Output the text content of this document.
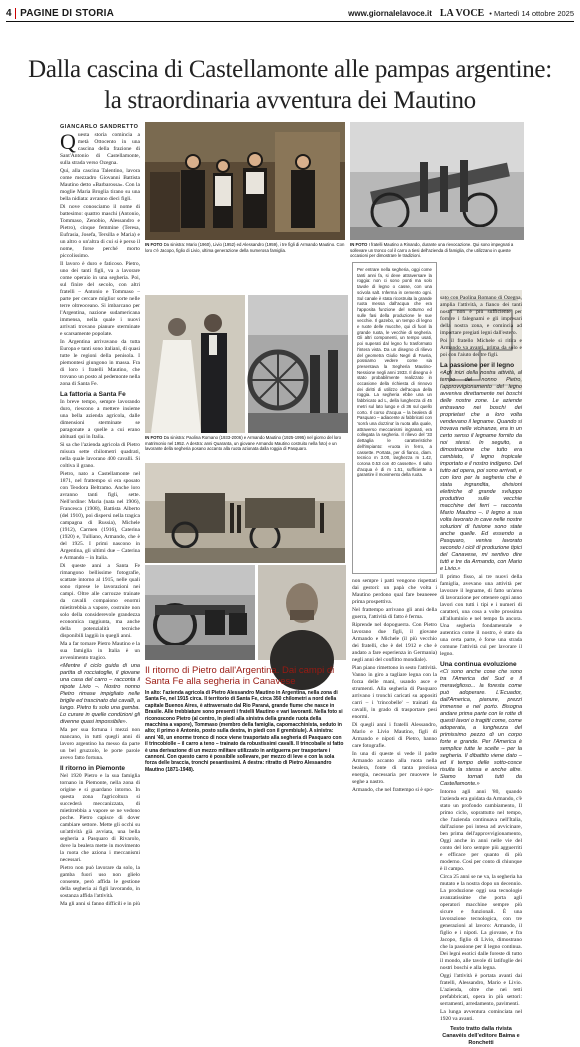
4 PAGINE DI STORIA	www.giornalelavoce.it LA VOCE • Martedì 14 ottobre 2025
Dalla cascina di Castellamonte alle pampas argentine:
la straordinaria avventura dei Mautino
GIANCARLO SANDRETTO
Q uesta storia comincia a metà Ottocento in una cascina della frazione di Sant'Antonio di Castellamonte, sulla strada verso Ozegna.

Qui, alla cascina Talentino, lavora come mezzadro Giovanni Battista Mautino detto «Barbarossa». Con la moglie Maria Broglia tirano su una bella nidiata: avranno dieci figli.

Di nove conosciamo il nome di battesimo: quattro maschi (Antonio, Tommaso, Zenobio, Alessandro e Pietro), cinque femmine (Teresa, Eufrasia, Josefa, Tersilla e Maria) e un altro o un'altra di cui si è perso il nome, forse perché morto piccolissimo.

Il lavoro è duro e faticoso. Pietro, uno dei tanti figli, va a lavorare come operaio in una segheria. Poi, sul finire del secolo, con altri fratelli – Antonio e Tommaso – parte per cercare miglior sorte nelle terre oltreoceano. Si imbarcano per l'Argentina, nazione sudamericana immensa, nella quale i nuovi arrivati trovano pianure sterminate e scarsamente popolate.

In Argentina arrivavano da tutta Europa e tanti sono italiani, di quasi tutte le regioni della penisola. I piemontesi giungono in massa. Fra di loro i fratelli Mautino, che trovano un posto al pedemonte nella zona di Santa Fe.

La fattoria a Santa Fe

In breve tempo, sempre lavorando duro, riescono a mettere insieme una bella azienda agricola, dalle dimensioni sterminate se paragonate a quelle a cui erano abituati qui in Italia.

Si sa che l'azienda agricola di Pietro misura sette chilometri quadrati, nella quale lavorano 400 cavalli. Si coltiva il grano.

Pietro, nato a Castellamonte nel 1871, nel frattempo si era sposato con Teodora Beltramo. Anche loro avranno tanti figli, sette. Nell'ordine: Maria (nata nel 1906), Francesca (1908), Battista Alberto (del 1910), poi dispersi nella tragica campagna di Russia), Michele (1912), Carmen (1916), Caterina (1920) e, Tulliano, Armando, che è del 1925. I primi nascono in Argentina, gli ultimi due – Caterina e Armando – in Italia.

Di queste anni a Santa Fe rimangono bellissime fotografie, scattate intorno al 1915, nelle quali sono riprese le lavorazioni nei campi. Oltre alle carrozze trainate da cavalli compaiono enormi mietitrebbia a vapore, costruite non solo della considerevole grandezza economica raggiunta, ma anche della potenzialità tecniche disponibili laggiù in quegli anni.

Ma a far tornare Pietro Mautino e la sua famiglia in Italia è un avvenimento tragico.

«Mentre il ciclo guida di una partita di rocciatoglie, il giovane una casa del carro – racconta il nipote Livio –. Nostro nonno Pietro rimase impigliato nelle briglie ed trascinato dai cavalli, a lungo. Pietro fu solo una gamba. Lo curare in quelle condizioni gli divenne quasi impossibile».

Ma per sua fortuna i mezzi non mancano, in tutti quegli anni di lavoro argentino ha messo da parte un bel gruzzolo, le porte parole avevo fatto fortuna.

Il ritorno in Piemonte

Nel 1920 Pietro e la sua famiglia tornano in Piemonte, nella zona di origine e si guardano intorno. In questa zona l'agricoltura si succederà meccanizzata, di mietitrebbia a vapore se ne vedono poche. Pietro capisce di dover cambiare settore. Mette gli occhi su un'attività già avviata, una bella segheria a Pasquaro di Rivarolo, dove la bealera mette in movimento la ruota che aziona i meccanismi necessari.

Pietro non può lavorare da solo, la gamba fuori uso non glielo consente, però affida le gestione della segheria ai figli lavorando, in sostanza affida l'attività.

Ma gli anni si fanno difficili e in più

IN FOTO Da sinistra: Mario (1960), Livio (1952) ed Alessandro (1959), i tre figli di Armando Mautino. Con loro c'è Jacopo, figlio di Livio, ultima generazione della numerosa famiglia.
IN FOTO I fratelli Mautino a Rinando, durante una rievocazione. Qui sono impegnati a sollevare un tronco col il carro a tiesi dell'azienda di famiglia, che utilizzano in queste occasioni per dimostrare le tradizioni.
IN FOTO Da sinistra: Paolina Romano (1933-2006) e Armando Mautino (1925-1995) nel giorno del loro matrimonio nel 1952. A destra: anni Quaranta, un giovane Armando Mautino costruito nella foto) e un lavorante della segheria posano accanto alla ruota azionata dalla roggia di Pasquaro.
Per entrare nella segheria, oggi come tanti anni fa, si deve attraversare la roggia: non ci sono ponti ma solo tavole di legno o casse, con una scivola salt. Inferma in cemento ogni. Sul canale è stata ricostruita la grande ruota messa dall'acqua che era l'apposita funzione del notturno ed sulle fasi della produzione le sue vecchie. Il gazebo, un tempo di legno e ruote delle mucche, qui di fuori la grande ruota, le vecchie di segheria. Gli altri componenti, un tempo usati, poi superati dal legno fu trasformato l'intera vista. Da un disegno di rilievo del geometra Giulio Negri di Favria, possiamo vedere come sia presentava la Segheria Mautino-Nessione negli anni 1933. Il disegno è stato probabilmente realizzato in occasione della richiesta di rinnovo dei diritti di utilizzo dell'acqua della roggia. La segheria ebbe una un fabbricato ad L, della lunghezza di 45 metri sul lato lungo e di 36 sul quello corto. Il corso d'acqua – la bealera di Pasquaro – adiacente ai fabbricati con ‘sorrà una dozzina' la ruota alla quale, attraverso meccanismi ingranati, era collegata la segheria. Il rilievo del '33 dettaglia le caratteristiche dell'impianto: «ruota in ferro, a cassette. Portata, per di fianco, diam. tecnico m 3.00, larghezza m 1.42, corona 0.53 con 40 cassette». Il salto d'acqua è di m 1.51, sufficiente a garantire il movimento della ruota.
Il ritorno di Pietro dall'Argentina. Dai campi di Santa Fe alla segheria in Canavese
In alto: l'azienda agricola di Pietro Alessandro Mautino in Argentina, nella zona di Santa Fe, nel 1915 circa. Il territorio di Santa Fe, circa 350 chilometri a nord della capitale Buenos Aires, è attraversato dal Rio Paraná, grande fiume che nasce in Brasile. Alle trebbiature sono presenti i fratelli Mautino e vari lavoranti. Nella foto si riconoscono Pietro (al centro, in piedi alla sinistra della grande ruota della macchina a vapore), Tommaso (membro della famiglia, capomacchinista, seduto in alto; il primo è Antonio, posto sulla destra, in piedi con il grembiule). A sinistra: anni '40, un enorme tronco di noce viene trasportato alla segheria di Pasquaro con il trincobiolle – il carro a teno – trainato da robustissimi cavalli. Il trincobaile si fatto è una derivazione di un mezzo militare utilizzato in antiguerra per trasportare i cannoni. Con questo carro è possibile sollevare, per mezzo di leve e con la sola forza delle braccia, tronchi pesantissimi. A destra: ritratto di Pietro Alessandro Mautino (1871-1948).

non sempre i patti vengono rispettati dai gestori: un papà che volta i Mautino perdono qual fare beaneeee prima prospettiva.

Nel frattempo arrivano gli anni della guerra, l'attività di fatto è ferma.

Riprende nel dopoguerra. Con Pietro lavorano due figli, il giovane Armando e Michele (il più vecchio dei fratelli, che è del 1912 e che è andato a fare esperienza in Germania) negli anni del conflitto mondiale).

Pian piano rimettono in sesto l'attività. Vanno in giro a tagliare legna con la forza delle mani, usando asce e strumenti. Alla segheria di Pasquaro arrivano i tronchi caricati su appositi carri – i 'trincobelle' – trainati da cavalli, in grado di trasportare pesi enormi.

Di quegli anni i fratelli Alessandro, Mario e Livio Mautino, figli di Armando e nipoti di Pietro, hanno care fotografie.

In una di queste si vede il padre Armando accanto alla ruota nella bealera, fonte di tanta preziosa energia, necessaria per muovere le seghe a nastro.

Armando, che nel frattempo si è spo-

sato con Paolina Romano di Ozegna, amplia l'attività, a fianco dei tanti nostri non è più sufficiente per fornire i falegnami e gli impresari della nostra zona, e comincia ad importare pregiati legni dall'estero.

Poi il fratello Michele si ritira e Armando va avanti, prima da solo e poi con l'aiuto dei tre figli.

La passione per il legno

«Agli inizi della nostra attività, al tempo del nonno Pietro, l'approvvigionamento del legno avveniva direttamente nei boschi delle nostre zone. Le aziende entravano nei boschi dei proprietari che a loro volta vendevano il legname. Quando si trovava nelle vicinanze, era in un certo senso il legname fornito da noi stessi. In seguito, a dimostrazione che tutto era cambiato, il legno tropicale importato e il nostro indigeno. Del tutto ad opera, poi sono arrivati, e con loro per la segheria che è stata ingrandita, divisioni elettriche di grande sviluppo produttivo sulle vecchie macchine dei ferri – racconta Mario Mautino –. Il legno a sua volta lavorato in cave nelle nostre soluzioni di fusione sono state anche quelle. Ed essendo a Pasquaro, veniva lavorato secondo i cicli di produzione tipici del Canavese, mi sentivo dire tutti e tre da Armando, con Mario e Livio.»

Il primo fisso, ai tre nuovi della famiglia, avevano una attività per lavorare il legname, di fatto un'area di lavorazione per ottenere ogni anno lavori con tutti i tipi e i numeri di caratteri, una cosa a volte prossima all'alluminio e nel tempo fa ancora. Una segheria fondamentale e autentica come il nostro, è stato da una certa parte, è forse una strada comune l'attività cui per lavorare il legno.

Una continua evoluzione

«Ci sono anche cose che sono tra l'America del Sud e il meraviglioso... la foresta come può adoperare. L'Ecuador, dall'America, pianure, prezzi immense e nel porto. Bisogna andare prima parte con le rotte di questi lavori o tragitti come, come adoperata, a lunghezza del primissimo pezzo di un corpo forte e grande. Per l'America è semplice tutte le scelte – per la segheria. Il dibattito viene dato – ed il tempo delle sotto-cosce risulta la stessa e anche altre. Siamo tornati tutti da Castellamonte.»

Intorno agli anni '80, quando l'azienda era guidata da Armando, c'è stato un profondo cambiamento, Il primo ciclo, soprattutto nel tempo, che l'azienda continuava nell'Italia, dall'azione poi intesa ad avvicinare, ben prima dell'approvvigionamento, Oggi anche in anni nelle vie del conto del loro sempre più agguerriti e efficace per quanto di più moderno. Così per conto di chiunque è il campo.

Circa 25 anni se ne va, la segheria ha mutato e la nostra dopo un decennio. La produzione oggi usa tecnologie avanzatissime che porta agli operatori macchine sempre più sicure e funzionali. È una lavorazione tecnologica, con tre generazioni al lavoro: Armando, il figlio e i nipoti. La giovane, e fra Jacopo, figlio di Livio, dimostrano che la passione per il legno continua. Dei legni esotici dalle foreste di tutto il mondo, alle tavole di latifoglie dei nostri boschi e alla legna.

Oggi l'attività è portata avanti dai fratelli, Alessandro, Mario e Livio. L'azienda, oltre che nei tetti prefabbricati, opera in più settori: serramenti, arredamento, pavimenti.

La lunga avventura cominciata nel 1920 va avanti.

Testo tratto dalla rivista Canavèis dell'editore Baima e Ronchetti
